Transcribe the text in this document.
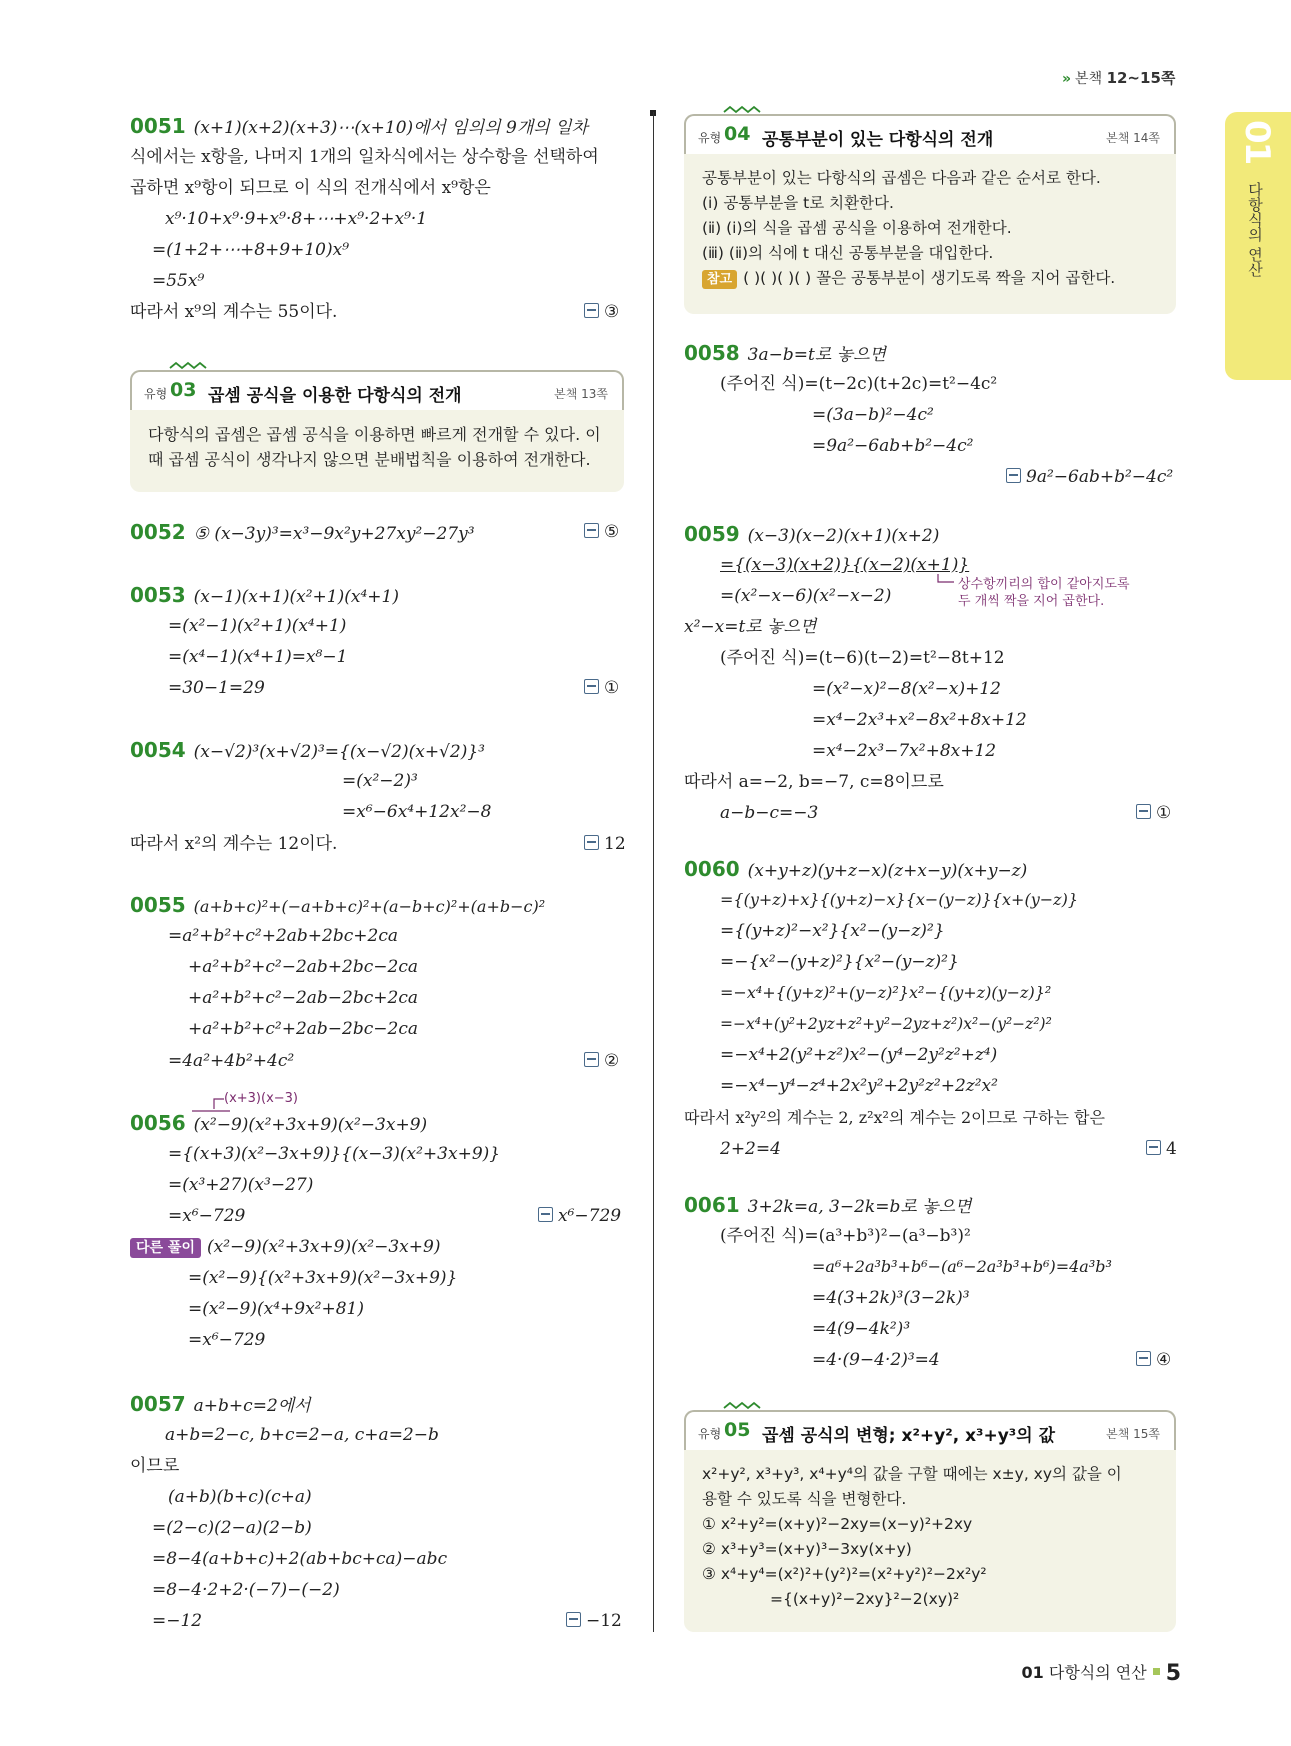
» 본책 12~15쪽
01
다항식의 연산
0051 (x+1)(x+2)(x+3)⋯(x+10)에서 임의의 9개의 일차
식에서는 x항을, 나머지 1개의 일차식에서는 상수항을 선택하여
곱하면 x⁹항이 되므로 이 식의 전개식에서 x⁹항은
x⁹·10+x⁹·9+x⁹·8+⋯+x⁹·2+x⁹·1
=(1+2+⋯+8+9+10)x⁹
=55x⁹
따라서 x⁹의 계수는 55이다.	③
유형 03 곱셈 공식을 이용한 다항식의 전개	본책 13쪽
다항식의 곱셈은 곱셈 공식을 이용하면 빠르게 전개할 수 있다. 이
때 곱셈 공식이 생각나지 않으면 분배법칙을 이용하여 전개한다.
0052 ⑤ (x−3y)³=x³−9x²y+27xy²−27y³	⑤
0053 (x−1)(x+1)(x²+1)(x⁴+1)
=(x²−1)(x²+1)(x⁴+1)
=(x⁴−1)(x⁴+1)=x⁸−1
=30−1=29	①
0054 (x−√2)³(x+√2)³={(x−√2)(x+√2)}³
=(x²−2)³
=x⁶−6x⁴+12x²−8
따라서 x²의 계수는 12이다.	12
0055 (a+b+c)²+(−a+b+c)²+(a−b+c)²+(a+b−c)²
=a²+b²+c²+2ab+2bc+2ca
+a²+b²+c²−2ab+2bc−2ca
+a²+b²+c²−2ab−2bc+2ca
+a²+b²+c²+2ab−2bc−2ca
=4a²+4b²+4c²	②
(x+3)(x−3)
0056 (x²−9)(x²+3x+9)(x²−3x+9)
={(x+3)(x²−3x+9)}{(x−3)(x²+3x+9)}
=(x³+27)(x³−27)
=x⁶−729	x⁶−729
다른 풀이 (x²−9)(x²+3x+9)(x²−3x+9)
=(x²−9){(x²+3x+9)(x²−3x+9)}
=(x²−9)(x⁴+9x²+81)
=x⁶−729
0057 a+b+c=2에서
a+b=2−c, b+c=2−a, c+a=2−b
이므로
(a+b)(b+c)(c+a)
=(2−c)(2−a)(2−b)
=8−4(a+b+c)+2(ab+bc+ca)−abc
=8−4·2+2·(−7)−(−2)
=−12	−12
유형 04 공통부분이 있는 다항식의 전개	본책 14쪽
공통부분이 있는 다항식의 곱셈은 다음과 같은 순서로 한다.
(ⅰ) 공통부분을 t로 치환한다.
(ⅱ) (ⅰ)의 식을 곱셈 공식을 이용하여 전개한다.
(ⅲ) (ⅱ)의 식에 t 대신 공통부분을 대입한다.
참고 ( )( )( )( ) 꼴은 공통부분이 생기도록 짝을 지어 곱한다.
0058 3a−b=t로 놓으면
(주어진 식)=(t−2c)(t+2c)=t²−4c²
=(3a−b)²−4c²
=9a²−6ab+b²−4c²
9a²−6ab+b²−4c²
0059 (x−3)(x−2)(x+1)(x+2)
={(x−3)(x+2)}{(x−2)(x+1)}
=(x²−x−6)(x²−x−2)
상수항끼리의 합이 같아지도록
두 개씩 짝을 지어 곱한다.
x²−x=t로 놓으면
(주어진 식)=(t−6)(t−2)=t²−8t+12
=(x²−x)²−8(x²−x)+12
=x⁴−2x³+x²−8x²+8x+12
=x⁴−2x³−7x²+8x+12
따라서 a=−2, b=−7, c=8이므로
a−b−c=−3	①
0060 (x+y+z)(y+z−x)(z+x−y)(x+y−z)
={(y+z)+x}{(y+z)−x}{x−(y−z)}{x+(y−z)}
={(y+z)²−x²}{x²−(y−z)²}
=−{x²−(y+z)²}{x²−(y−z)²}
=−x⁴+{(y+z)²+(y−z)²}x²−{(y+z)(y−z)}²
=−x⁴+(y²+2yz+z²+y²−2yz+z²)x²−(y²−z²)²
=−x⁴+2(y²+z²)x²−(y⁴−2y²z²+z⁴)
=−x⁴−y⁴−z⁴+2x²y²+2y²z²+2z²x²
따라서 x²y²의 계수는 2, z²x²의 계수는 2이므로 구하는 합은
2+2=4	4
0061 3+2k=a, 3−2k=b로 놓으면
(주어진 식)=(a³+b³)²−(a³−b³)²
=a⁶+2a³b³+b⁶−(a⁶−2a³b³+b⁶)=4a³b³
=4(3+2k)³(3−2k)³
=4(9−4k²)³
=4·(9−4·2)³=4	④
유형 05 곱셈 공식의 변형; x²+y², x³+y³의 값	본책 15쪽
x²+y², x³+y³, x⁴+y⁴의 값을 구할 때에는 x±y, xy의 값을 이
용할 수 있도록 식을 변형한다.
① x²+y²=(x+y)²−2xy=(x−y)²+2xy
② x³+y³=(x+y)³−3xy(x+y)
③ x⁴+y⁴=(x²)²+(y²)²=(x²+y²)²−2x²y²
={(x+y)²−2xy}²−2(xy)²
01 다항식의 연산 5
